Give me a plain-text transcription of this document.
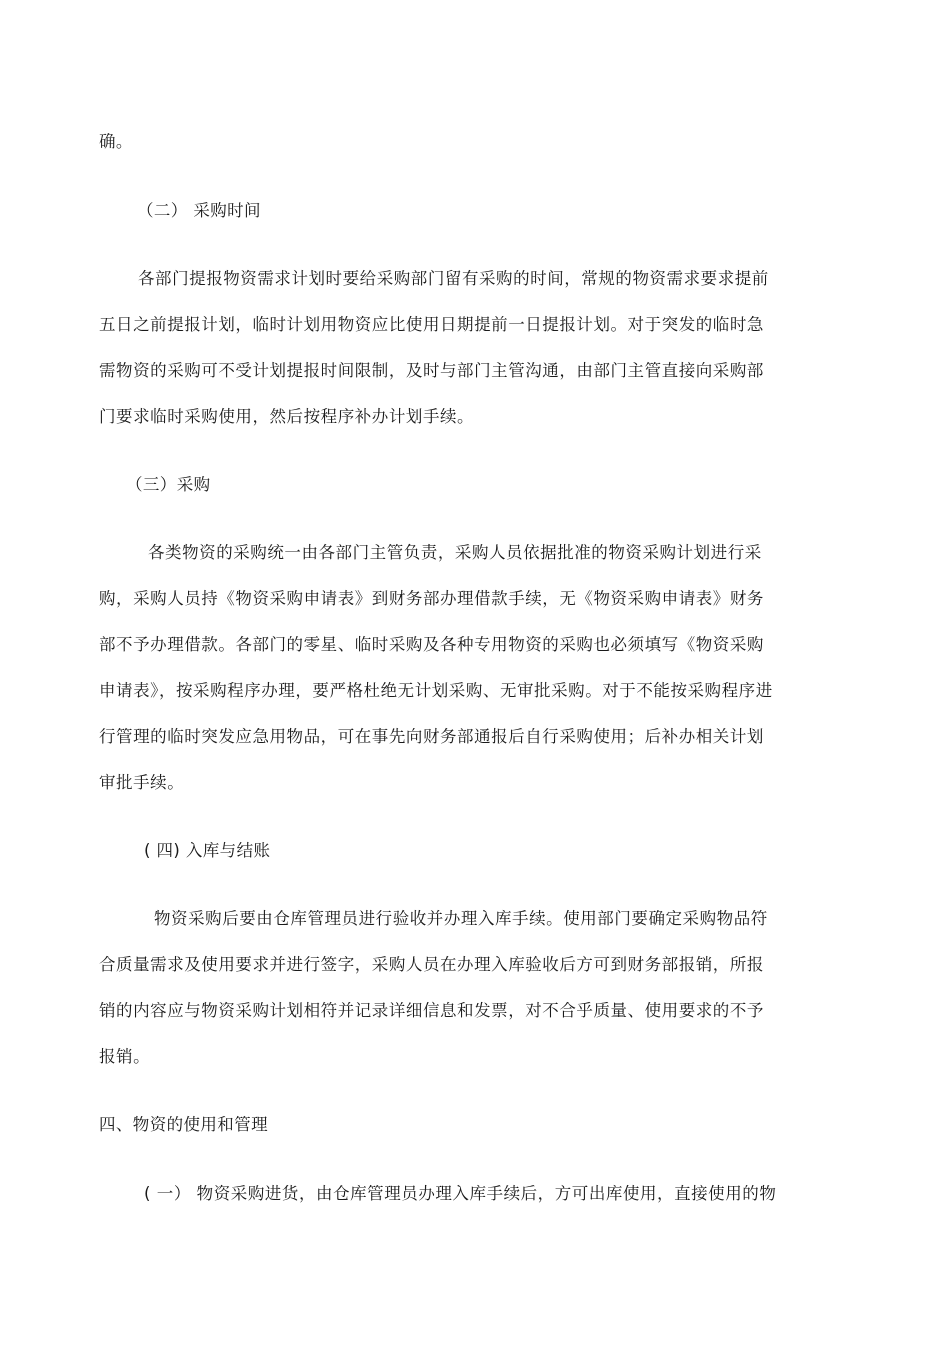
确。
（二） 采购时间
各部门提报物资需求计划时要给采购部门留有采购的时间，常规的物资需求要求提前
五日之前提报计划，临时计划用物资应比使用日期提前一日提报计划。对于突发的临时急
需物资的采购可不受计划提报时间限制，及时与部门主管沟通，由部门主管直接向采购部
门要求临时采购使用，然后按程序补办计划手续。
（三）采购
各类物资的采购统一由各部门主管负责，采购人员依据批准的物资采购计划进行采
购，采购人员持《物资采购申请表》到财务部办理借款手续，无《物资采购申请表》财务
部不予办理借款。各部门的零星、临时采购及各种专用物资的采购也必须填写《物资采购
申请表》，按采购程序办理，要严格杜绝无计划采购、无审批采购。对于不能按采购程序进
行管理的临时突发应急用物品，可在事先向财务部通报后自行采购使用；后补办相关计划
审批手续。
( 四) 入库与结账
物资采购后要由仓库管理员进行验收并办理入库手续。使用部门要确定采购物品符
合质量需求及使用要求并进行签字，采购人员在办理入库验收后方可到财务部报销，所报
销的内容应与物资采购计划相符并记录详细信息和发票，对不合乎质量、使用要求的不予
报销。
四、物资的使用和管理
( 一） 物资采购进货，由仓库管理员办理入库手续后，方可出库使用，直接使用的物
